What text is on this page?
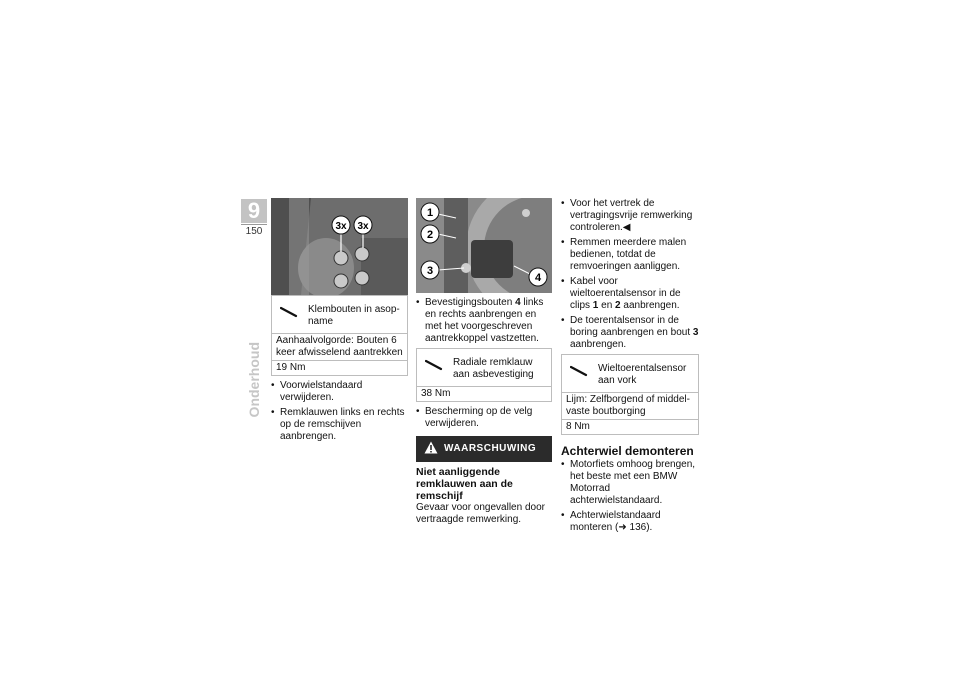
9
150
Onderhoud
3x 3x
Klembouten in asopname
Aanhaalvolgorde: Bouten 6 keer afwisselend aantrekken
19 Nm
• Voorwielstandaard verwijderen.
• Remklauwen links en rechts op de remschijven aanbrengen.
1
2
3
4
• Bevestigingsbouten 4 links en rechts aanbrengen en met het voorgeschreven aantrekkoppel vastzetten.
Radiale remklauw aan asbevestiging
38 Nm
• Bescherming op de velg verwijderen.
WAARSCHUWING
Niet aanliggende remklauwen aan de remschijf
Gevaar voor ongevallen door vertraagde remwerking.
• Voor het vertrek de vertragingsvrije remwerking controleren.◀
• Remmen meerdere malen bedienen, totdat de remvoeringen aanliggen.
• Kabel voor wieltoerentalsensor in de clips 1 en 2 aanbrengen.
• De toerentalsensor in de boring aanbrengen en bout 3 aanbrengen.
Wieltoerentalsensor aan vork
Lijm: Zelfborgend of middelvaste boutborging
8 Nm
Achterwiel demonteren
• Motorfiets omhoog brengen, het beste met een BMW Motorrad achterwielstandaard.
• Achterwielstandaard monteren (➜ 136).
